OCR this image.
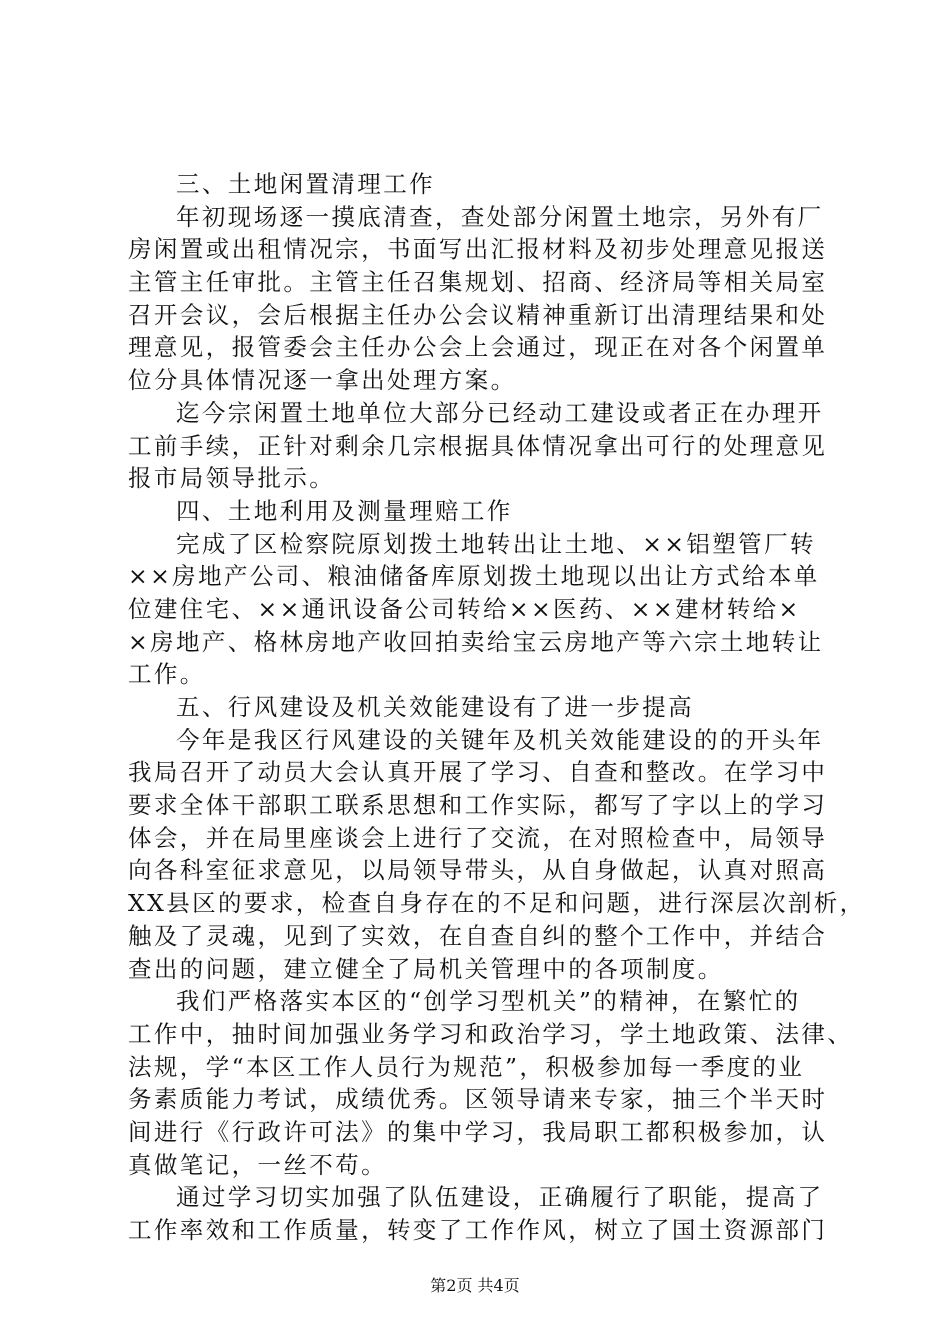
三、土地闲置清理工作
年初现场逐一摸底清查，查处部分闲置土地宗，另外有厂
房闲置或出租情况宗，书面写出汇报材料及初步处理意见报送
主管主任审批。主管主任召集规划、招商、经济局等相关局室
召开会议，会后根据主任办公会议精神重新订出清理结果和处
理意见，报管委会主任办公会上会通过，现正在对各个闲置单
位分具体情况逐一拿出处理方案。
迄今宗闲置土地单位大部分已经动工建设或者正在办理开
工前手续，正针对剩余几宗根据具体情况拿出可行的处理意见
报市局领导批示。
四、土地利用及测量理赔工作
完成了区检察院原划拨土地转出让土地、××铝塑管厂转
××房地产公司、粮油储备库原划拨土地现以出让方式给本单
位建住宅、××通讯设备公司转给××医药、××建材转给×
×房地产、格林房地产收回拍卖给宝云房地产等六宗土地转让
工作。
五、行风建设及机关效能建设有了进一步提高
今年是我区行风建设的关键年及机关效能建设的的开头年
我局召开了动员大会认真开展了学习、自查和整改。在学习中
要求全体干部职工联系思想和工作实际，都写了字以上的学习
体会，并在局里座谈会上进行了交流，在对照检查中，局领导
向各科室征求意见，以局领导带头，从自身做起，认真对照高
XX县区的要求，检查自身存在的不足和问题，进行深层次剖析，
触及了灵魂，见到了实效，在自查自纠的整个工作中，并结合
查出的问题，建立健全了局机关管理中的各项制度。
我们严格落实本区的“创学习型机关”的精神，在繁忙的
工作中，抽时间加强业务学习和政治学习，学土地政策、法律、
法规，学“本区工作人员行为规范”，积极参加每一季度的业
务素质能力考试，成绩优秀。区领导请来专家，抽三个半天时
间进行《行政许可法》的集中学习，我局职工都积极参加，认
真做笔记，一丝不苟。
通过学习切实加强了队伍建设，正确履行了职能，提高了
工作率效和工作质量，转变了工作作风，树立了国土资源部门
第2页 共4页
